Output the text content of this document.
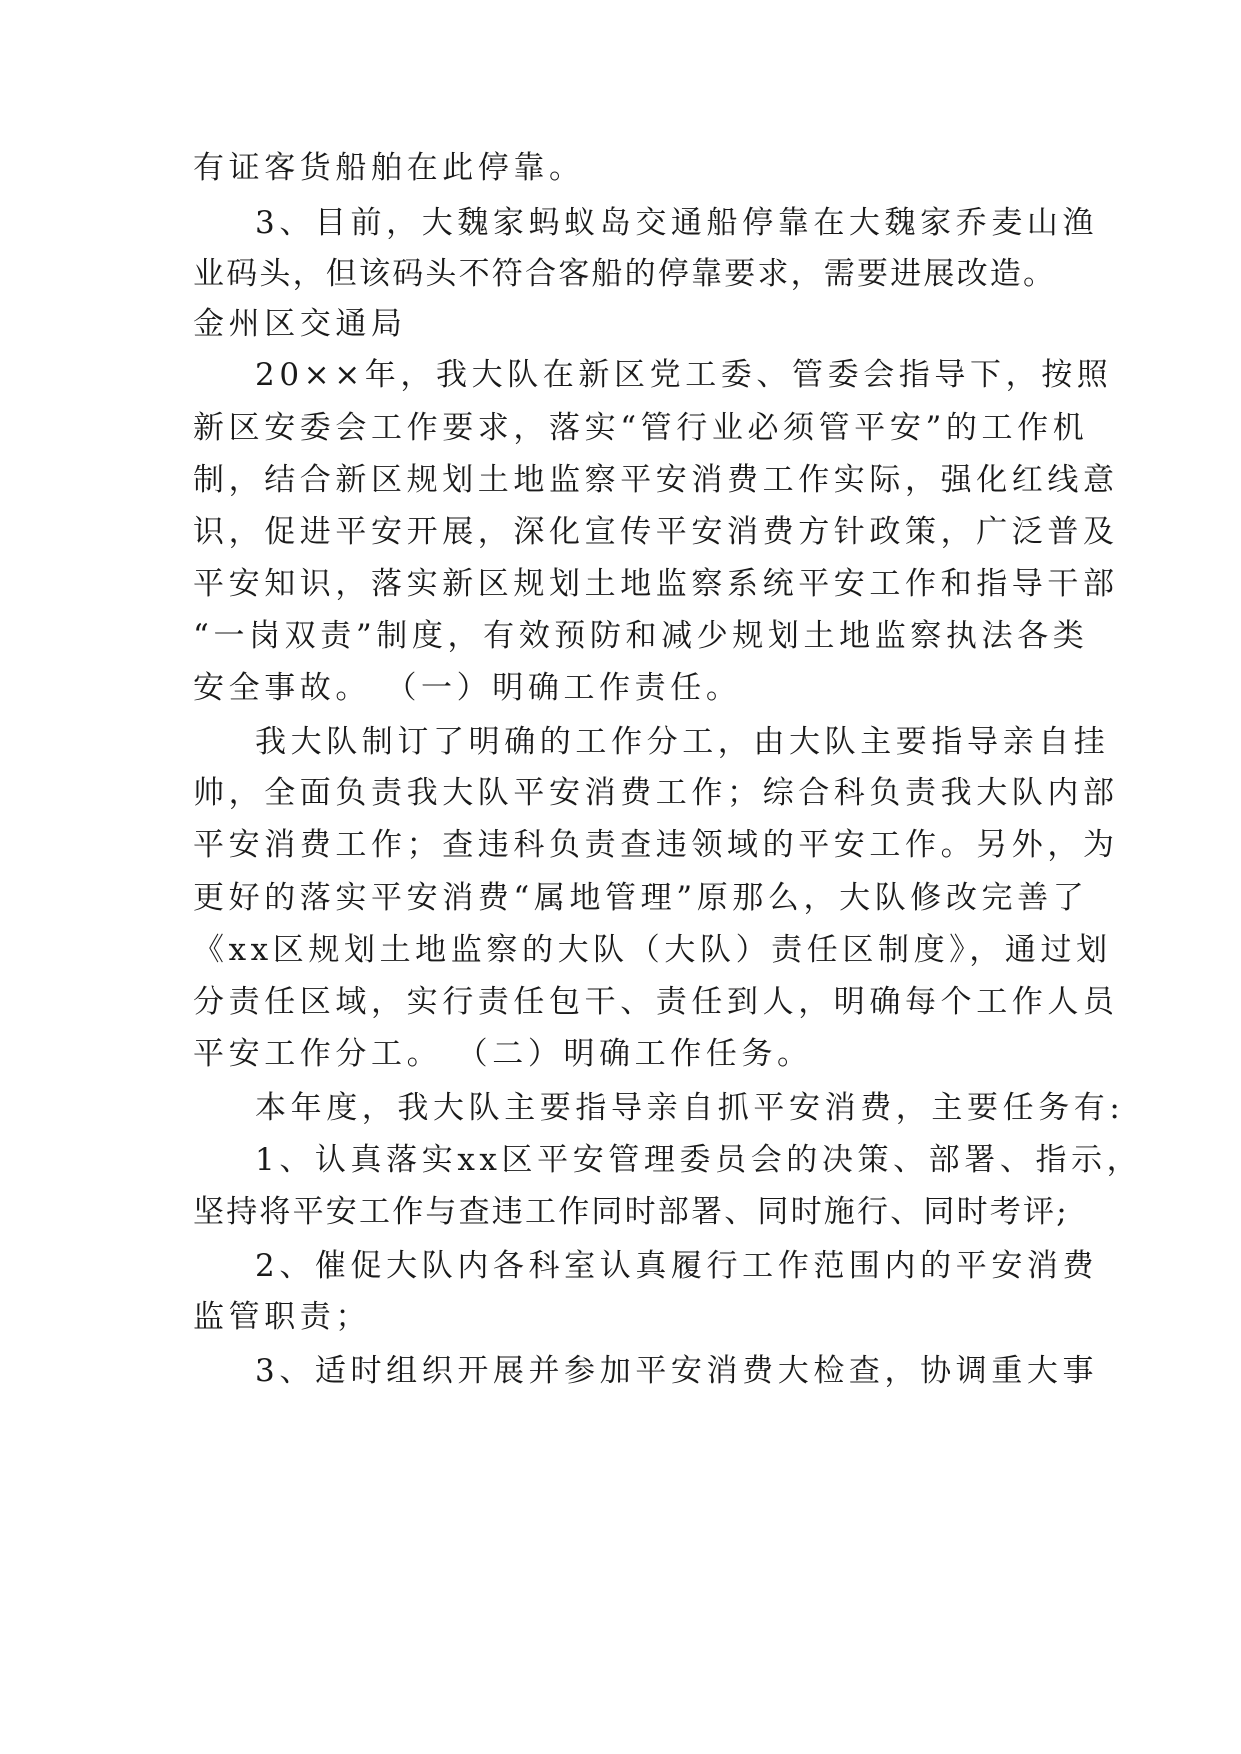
有证客货船舶在此停靠。
3、目前，大魏家蚂蚁岛交通船停靠在大魏家乔麦山渔
业码头，但该码头不符合客船的停靠要求，需要进展改造。
金州区交通局
20××年，我大队在新区党工委、管委会指导下，按照
新区安委会工作要求，落实“管行业必须管平安”的工作机
制，结合新区规划土地监察平安消费工作实际，强化红线意
识，促进平安开展，深化宣传平安消费方针政策，广泛普及
平安知识，落实新区规划土地监察系统平安工作和指导干部
“一岗双责”制度，有效预防和减少规划土地监察执法各类
安全事故。 （一）明确工作责任。
我大队制订了明确的工作分工，由大队主要指导亲自挂
帅，全面负责我大队平安消费工作；综合科负责我大队内部
平安消费工作；查违科负责查违领域的平安工作。另外，为
更好的落实平安消费“属地管理”原那么，大队修改完善了
《xx区规划土地监察的大队（大队）责任区制度》，通过划
分责任区域，实行责任包干、责任到人，明确每个工作人员
平安工作分工。 （二）明确工作任务。
本年度，我大队主要指导亲自抓平安消费，主要任务有:
1、认真落实xx区平安管理委员会的决策、部署、指示，
坚持将平安工作与查违工作同时部署、同时施行、同时考评;
2、催促大队内各科室认真履行工作范围内的平安消费
监管职责；
3、适时组织开展并参加平安消费大检查，协调重大事
